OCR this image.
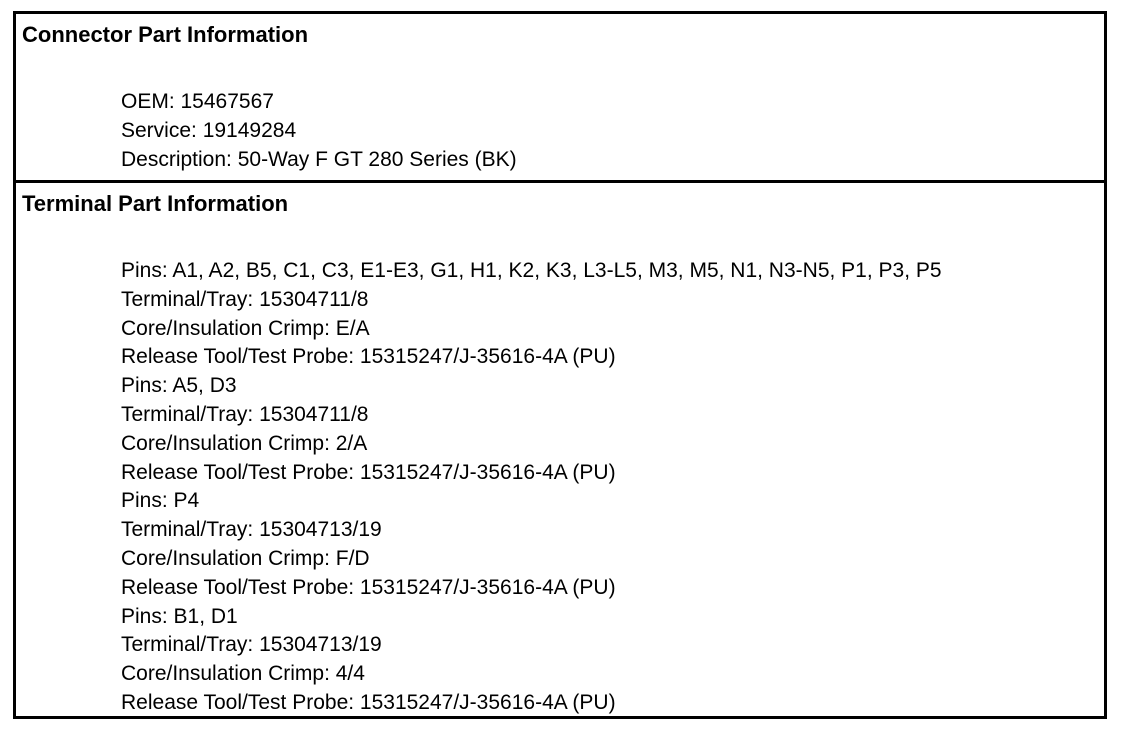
Connector Part Information
OEM: 15467567
Service: 19149284
Description: 50-Way F GT 280 Series (BK)
Terminal Part Information
Pins: A1, A2, B5, C1, C3, E1-E3, G1, H1, K2, K3, L3-L5, M3, M5, N1, N3-N5, P1, P3, P5
Terminal/Tray: 15304711/8
Core/Insulation Crimp: E/A
Release Tool/Test Probe: 15315247/J-35616-4A (PU)
Pins: A5, D3
Terminal/Tray: 15304711/8
Core/Insulation Crimp: 2/A
Release Tool/Test Probe: 15315247/J-35616-4A (PU)
Pins: P4
Terminal/Tray: 15304713/19
Core/Insulation Crimp: F/D
Release Tool/Test Probe: 15315247/J-35616-4A (PU)
Pins: B1, D1
Terminal/Tray: 15304713/19
Core/Insulation Crimp: 4/4
Release Tool/Test Probe: 15315247/J-35616-4A (PU)
